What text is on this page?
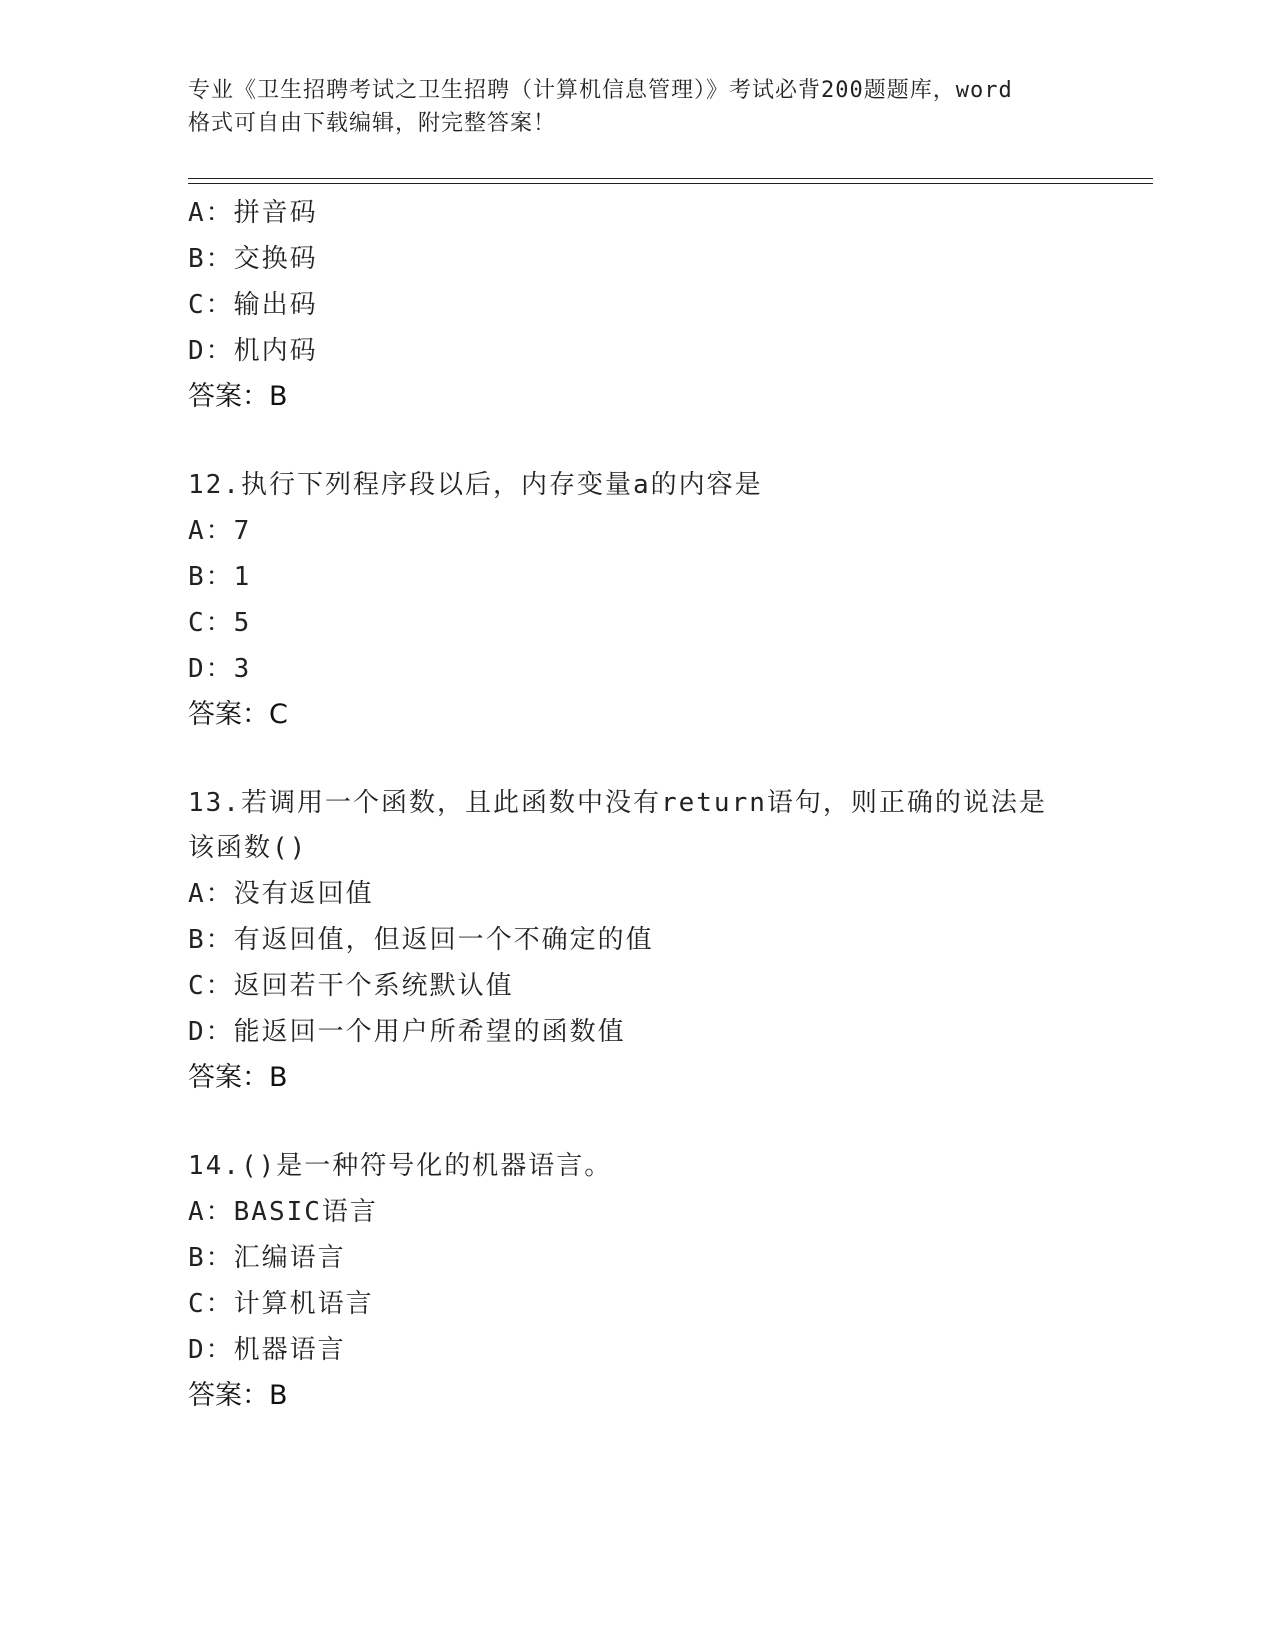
专业《卫生招聘考试之卫生招聘（计算机信息管理）》考试必背200题题库，word
格式可自由下载编辑，附完整答案！
A：拼音码
B：交换码
C：输出码
D：机内码
答案：B
12.执行下列程序段以后，内存变量a的内容是
A：7
B：1
C：5
D：3
答案：C
13.若调用一个函数，且此函数中没有return语句，则正确的说法是
该函数()
A：没有返回值
B：有返回值，但返回一个不确定的值
C：返回若干个系统默认值
D：能返回一个用户所希望的函数值
答案：B
14.()是一种符号化的机器语言。
A：BASIC语言
B：汇编语言
C：计算机语言
D：机器语言
答案：B
